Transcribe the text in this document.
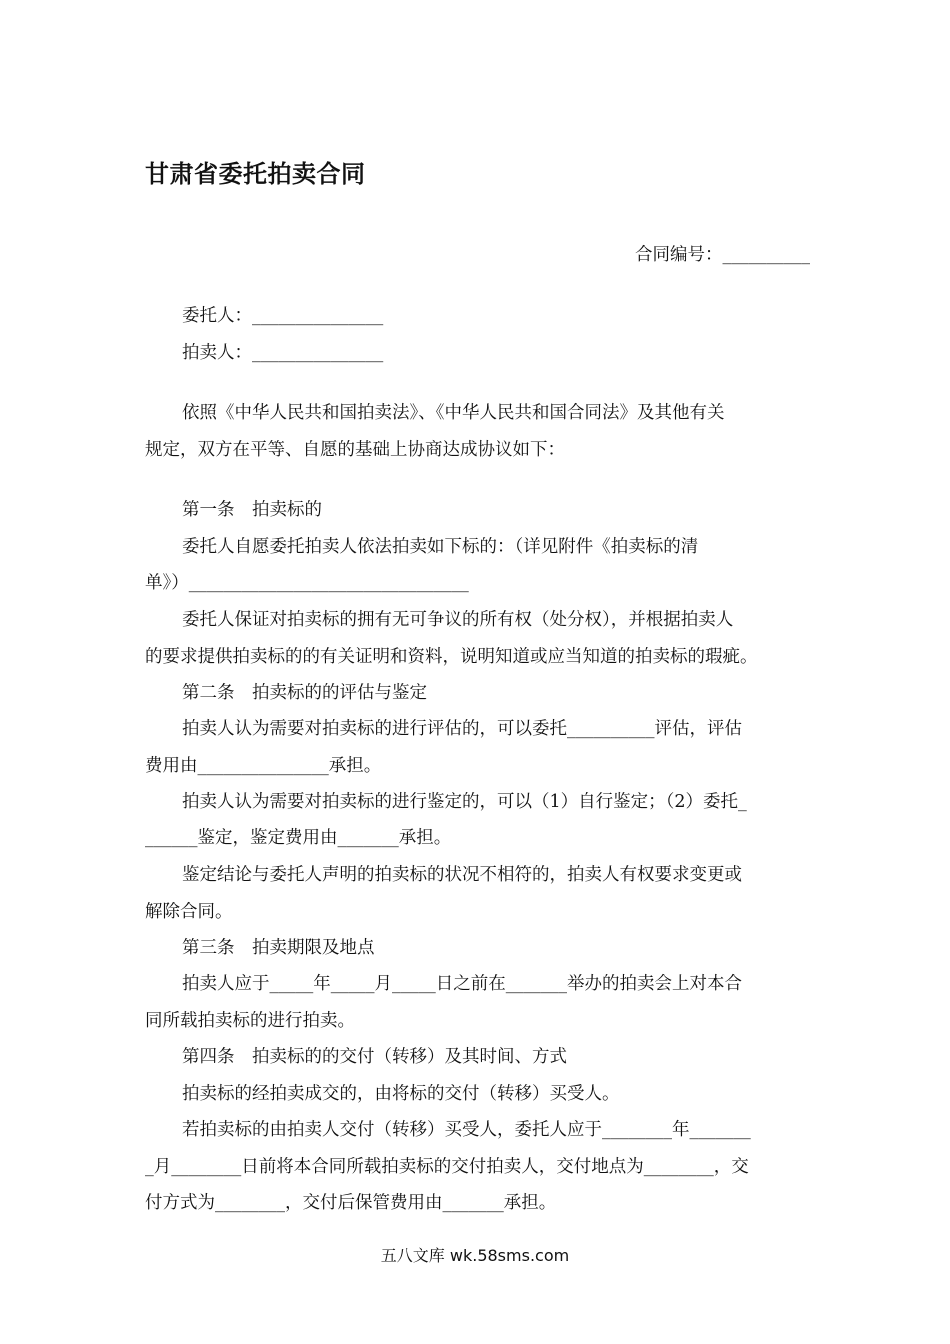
甘肃省委托拍卖合同
合同编号：__________
委托人：_______________
拍卖人：_______________
依照《中华人民共和国拍卖法》、《中华人民共和国合同法》及其他有关
规定，双方在平等、自愿的基础上协商达成协议如下：
第一条　拍卖标的
委托人自愿委托拍卖人依法拍卖如下标的：（详见附件《拍卖标的清
单》）________________________________
委托人保证对拍卖标的拥有无可争议的所有权（处分权），并根据拍卖人
的要求提供拍卖标的的有关证明和资料，说明知道或应当知道的拍卖标的瑕疵。
第二条　拍卖标的的评估与鉴定
拍卖人认为需要对拍卖标的进行评估的，可以委托__________评估，评估
费用由_______________承担。
拍卖人认为需要对拍卖标的进行鉴定的，可以（1）自行鉴定；（2）委托_
______鉴定，鉴定费用由_______承担。
鉴定结论与委托人声明的拍卖标的状况不相符的，拍卖人有权要求变更或
解除合同。
第三条　拍卖期限及地点
拍卖人应于_____年_____月_____日之前在_______举办的拍卖会上对本合
同所载拍卖标的进行拍卖。
第四条　拍卖标的的交付（转移）及其时间、方式
拍卖标的经拍卖成交的，由将标的交付（转移）买受人。
若拍卖标的由拍卖人交付（转移）买受人，委托人应于________年_______
_月________日前将本合同所载拍卖标的交付拍卖人，交付地点为________，交
付方式为________，交付后保管费用由_______承担。
五八文库 wk.58sms.com
